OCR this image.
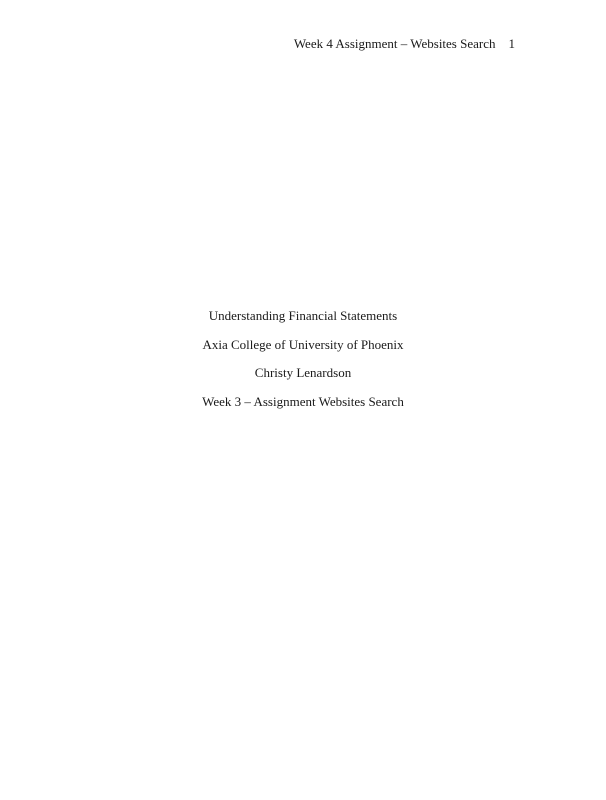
Week 4 Assignment – Websites Search 1
Understanding Financial Statements
Axia College of University of Phoenix
Christy Lenardson
Week 3 – Assignment Websites Search
